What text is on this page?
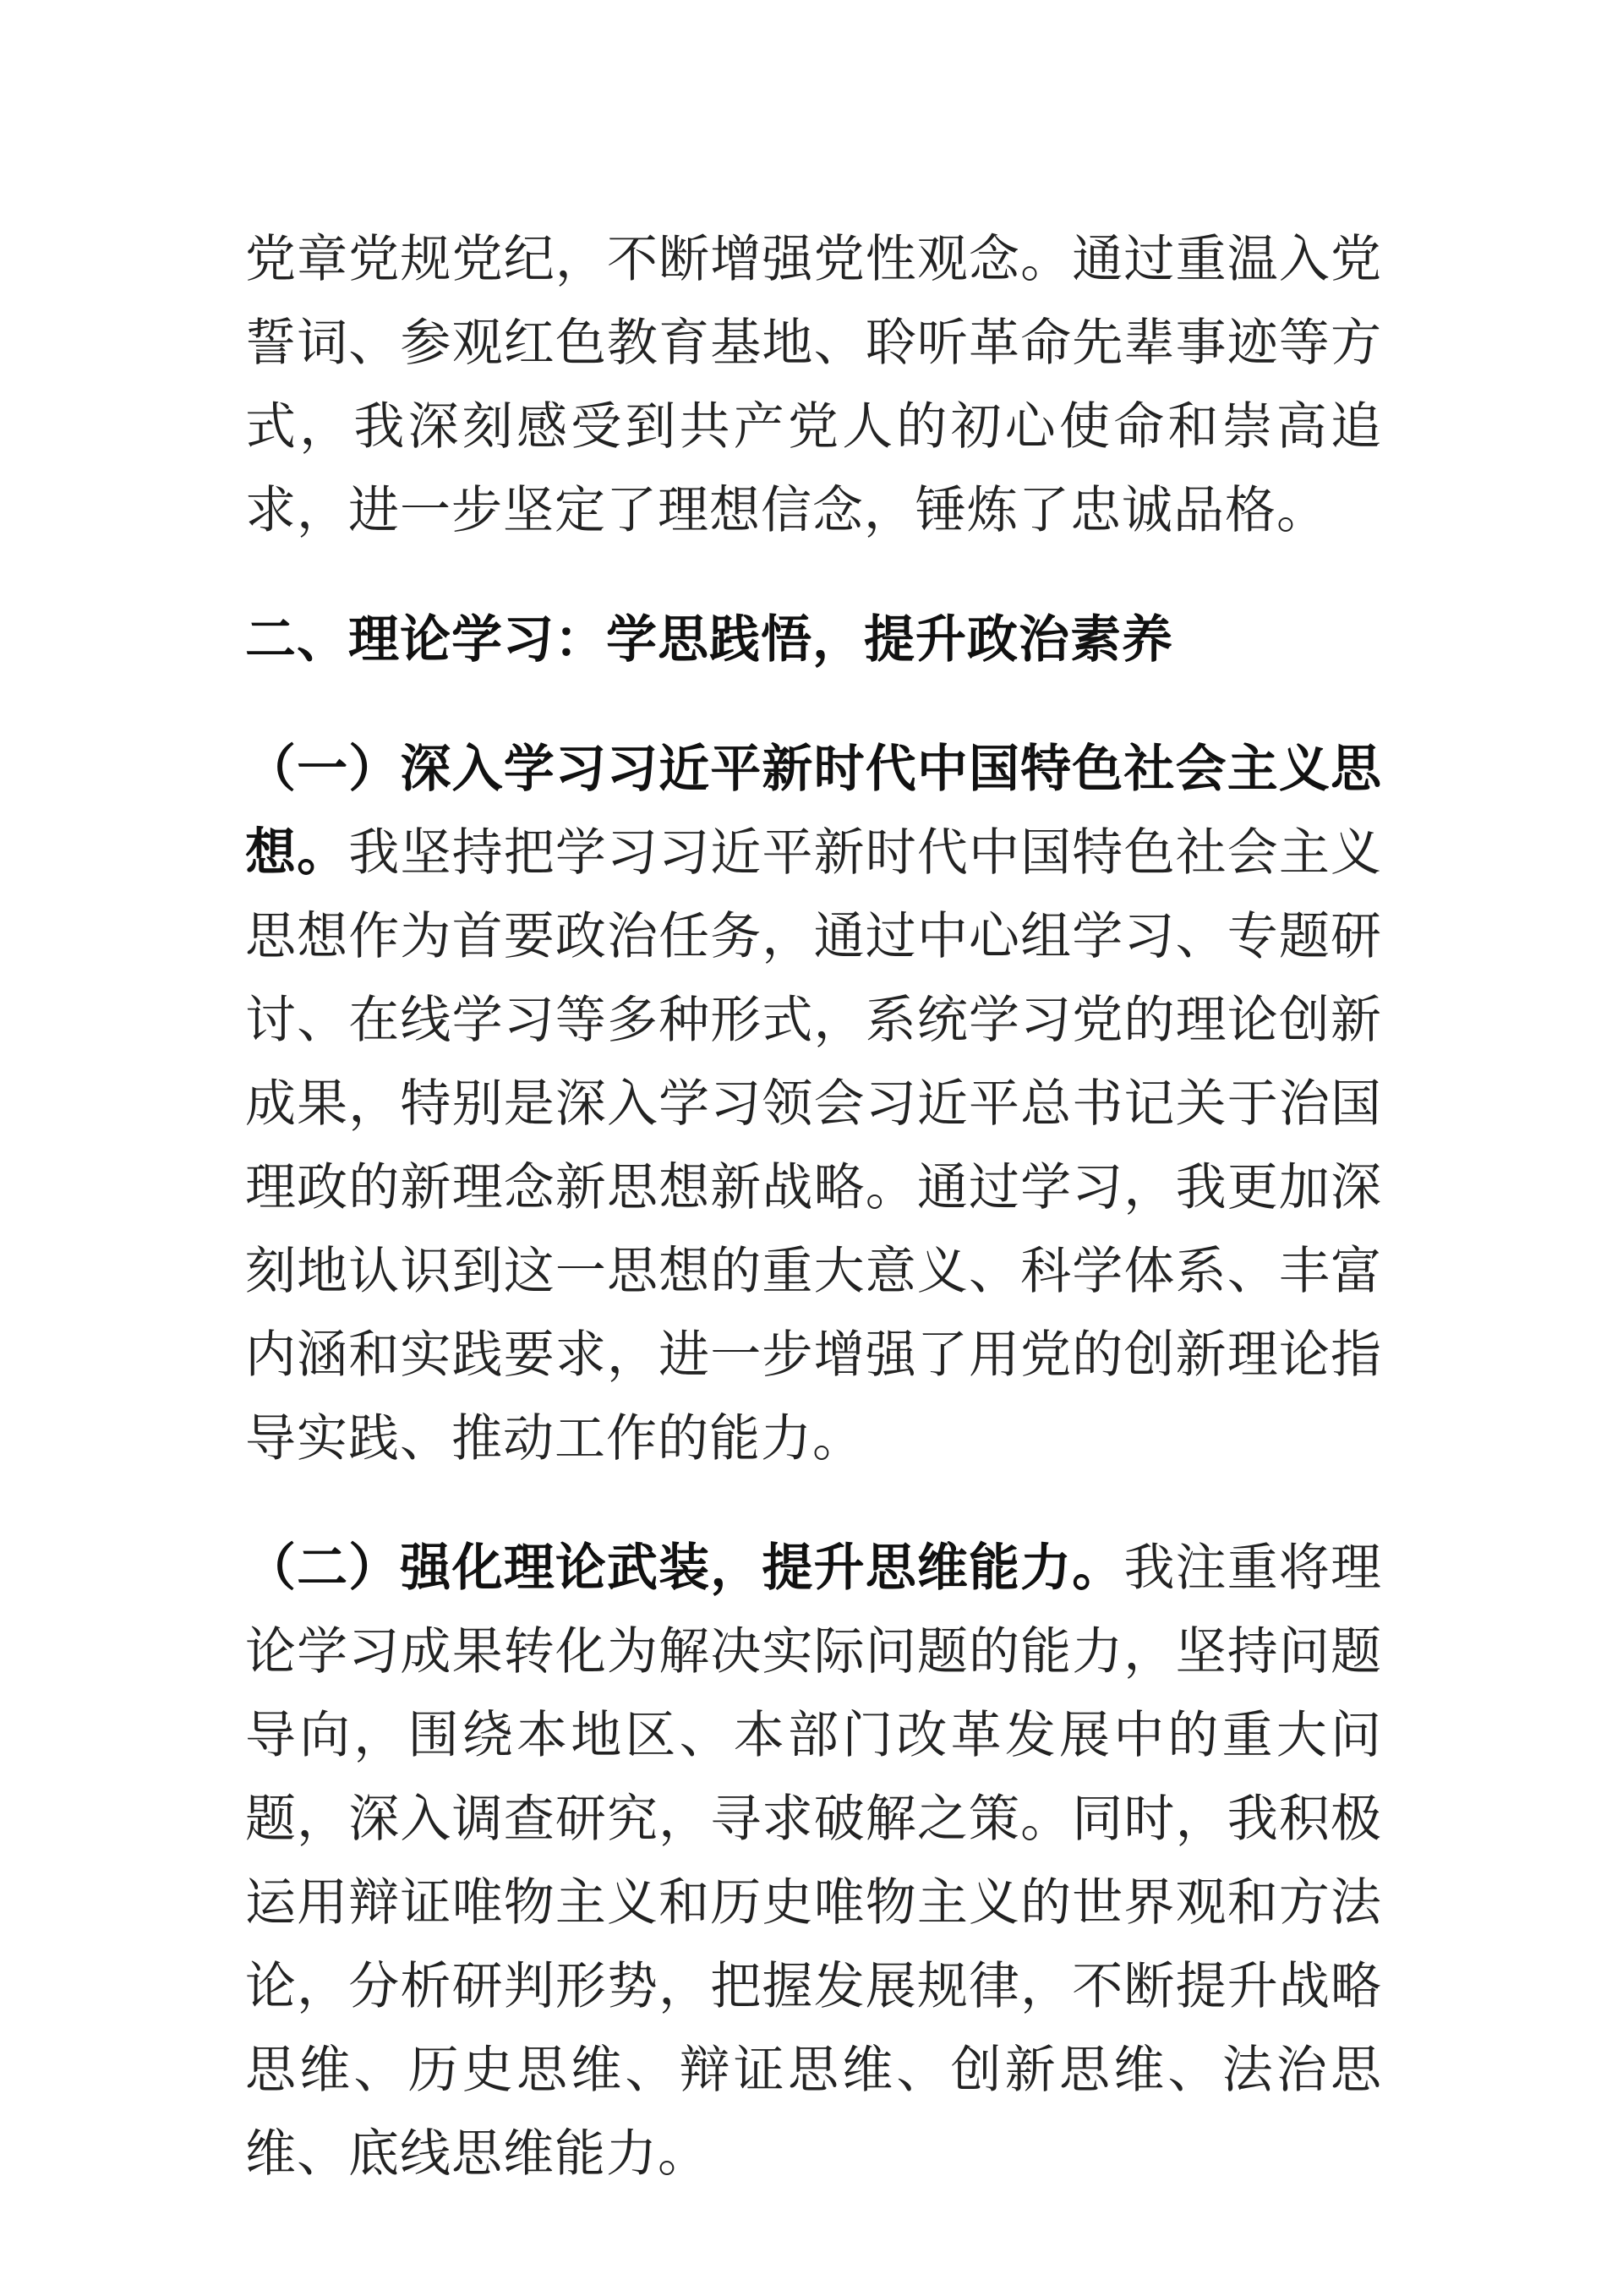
党章党规党纪，不断增强党性观念。通过重温入党誓词、参观红色教育基地、聆听革命先辈事迹等方式，我深刻感受到共产党人的初心使命和崇高追求，进一步坚定了理想信念，锤炼了忠诚品格。

二、理论学习：学思践悟，提升政治素养

（一）深入学习习近平新时代中国特色社会主义思想。我坚持把学习习近平新时代中国特色社会主义思想作为首要政治任务，通过中心组学习、专题研讨、在线学习等多种形式，系统学习党的理论创新成果，特别是深入学习领会习近平总书记关于治国理政的新理念新思想新战略。通过学习，我更加深刻地认识到这一思想的重大意义、科学体系、丰富内涵和实践要求，进一步增强了用党的创新理论指导实践、推动工作的能力。

（二）强化理论武装，提升思维能力。我注重将理论学习成果转化为解决实际问题的能力，坚持问题导向，围绕本地区、本部门改革发展中的重大问题，深入调查研究，寻求破解之策。同时，我积极运用辩证唯物主义和历史唯物主义的世界观和方法论，分析研判形势，把握发展规律，不断提升战略思维、历史思维、辩证思维、创新思维、法治思维、底线思维能力。
